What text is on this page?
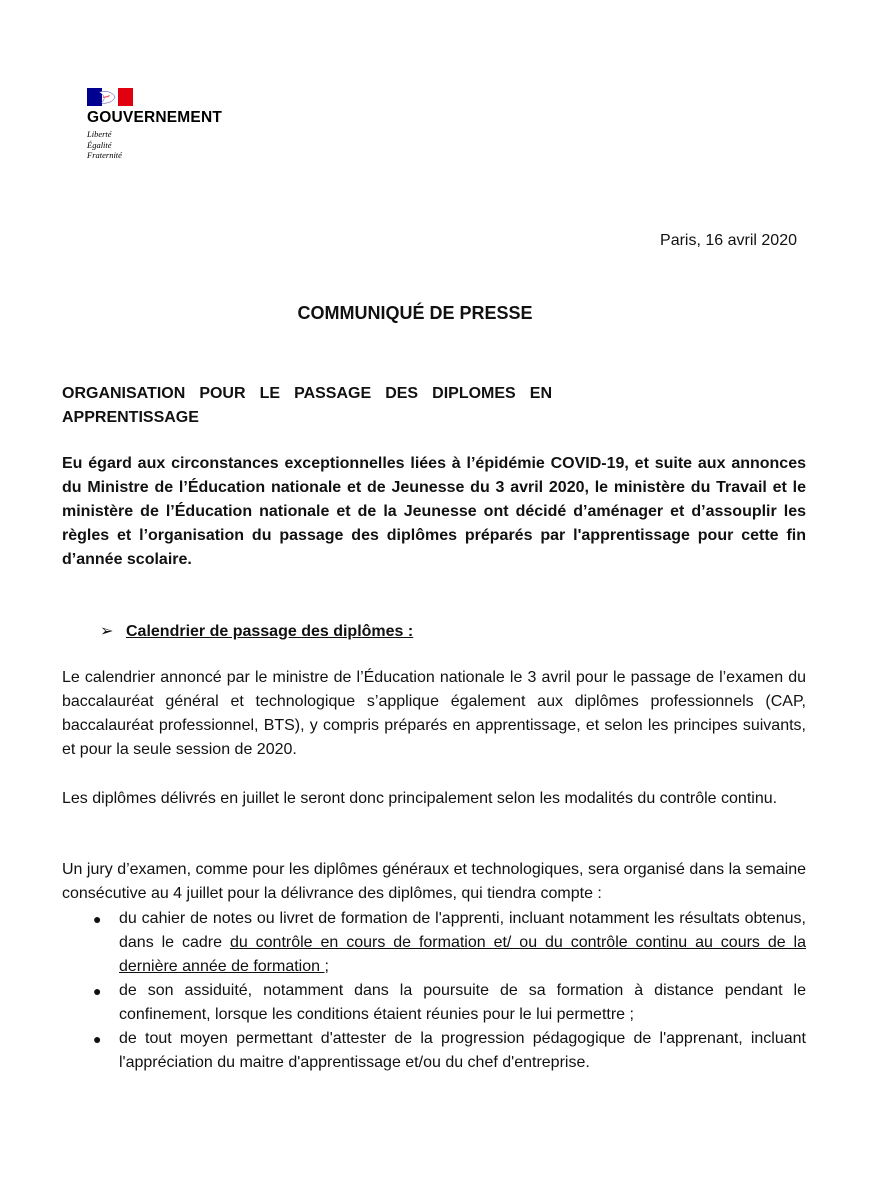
GOUVERNEMENT
Liberté
Égalité
Fraternité
Paris, 16 avril 2020
COMMUNIQUÉ DE PRESSE
ORGANISATION POUR LE PASSAGE DES DIPLOMES EN APPRENTISSAGE
Eu égard aux circonstances exceptionnelles liées à l’épidémie COVID-19, et suite aux annonces du Ministre de l’Éducation nationale et de Jeunesse du 3 avril 2020, le ministère du Travail et le ministère de l’Éducation nationale et de la Jeunesse ont décidé d’aménager et d’assouplir les règles et l’organisation du passage des diplômes préparés par l'apprentissage pour cette fin d’année scolaire.
➢ Calendrier de passage des diplômes :
Le calendrier annoncé par le ministre de l’Éducation nationale le 3 avril pour le passage de l’examen du baccalauréat général et technologique s’applique également aux diplômes professionnels (CAP, baccalauréat professionnel, BTS), y compris préparés en apprentissage, et selon les principes suivants, et pour la seule session de 2020.
Les diplômes délivrés en juillet le seront donc principalement selon les modalités du contrôle continu.
Un jury d’examen, comme pour les diplômes généraux et technologiques, sera organisé dans la semaine consécutive au 4 juillet pour la délivrance des diplômes, qui tiendra compte :
● du cahier de notes ou livret de formation de l'apprenti, incluant notamment les résultats obtenus, dans le cadre du contrôle en cours de formation et/ ou du contrôle continu au cours de la dernière année de formation ;
● de son assiduité, notamment dans la poursuite de sa formation à distance pendant le confinement, lorsque les conditions étaient réunies pour le lui permettre ;
● de tout moyen permettant d'attester de la progression pédagogique de l'apprenant, incluant l'appréciation du maitre d'apprentissage et/ou du chef d'entreprise.
